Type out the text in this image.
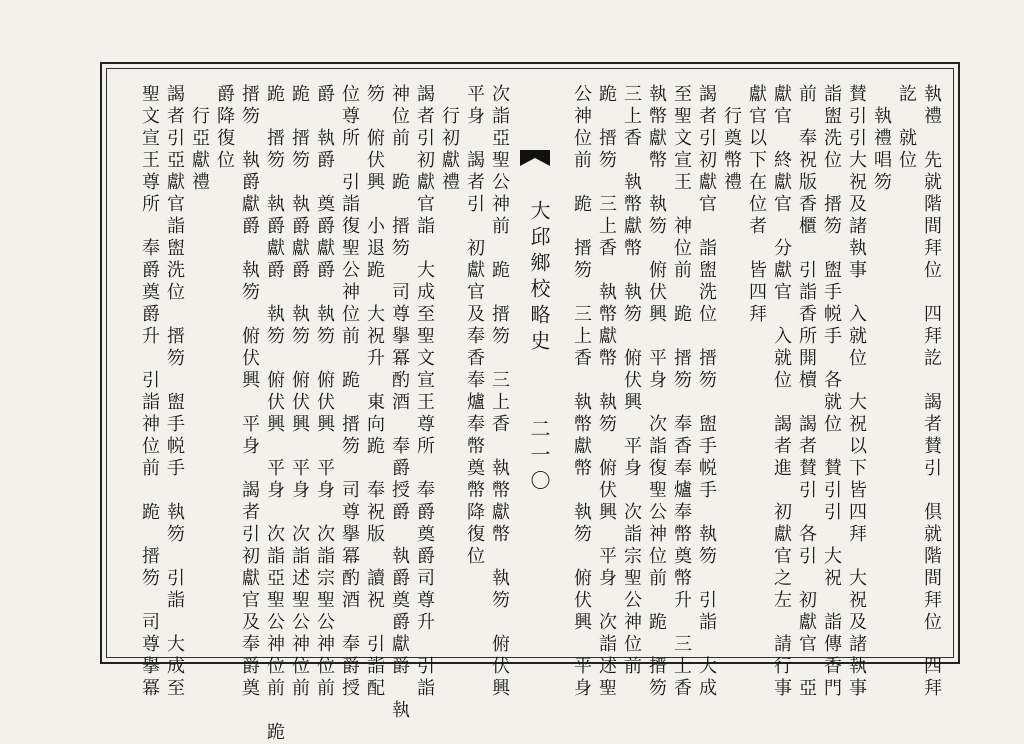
大邱鄉校略史
二一〇	執禮　先就階間拜位　四拜訖　謁者賛引　倶就階間拜位　四拜
訖　就位
執禮唱笏
賛引引大祝及諸執事　入就位　大祝以下皆四拜　大祝及諸執事
詣盥洗位　搢笏　盥手帨手　各就位　賛引引　大祝　詣傳香門
前　奉祝版香櫃　引詣香所開櫝　謁者賛引　各引　初獻官　亞
獻官　終獻官　分獻官　入就位　謁者進　初獻官之左　請行事
獻官以下在位者　皆四拜
行奠幣禮
謁者引初獻官　詣盥洗位　搢笏　盥手帨手　執笏　引詣　大成
至聖文宣王　神位前　跪　搢笏　奉香奉爐奉幣奠幣升　三上香
執幣獻幣　執笏　俯伏興　平身　次詣復聖公神位前　跪　搢笏
三上香　執幣獻幣　執笏　俯伏興　平身　次詣宗聖公神位前
跪　搢笏　三上香　執幣獻幣　執笏　俯伏興　平身　次詣述聖
公神位前　跪　搢笏　三上香　執幣獻幣　執笏　俯伏興　平身
次詣亞聖公神前　跪　搢笏　三上香　執幣獻幣　執笏　俯伏興
平身　謁者引　初獻官及奉香奉爐奉幣奠幣降復位
行初獻禮
謁者引初獻官詣　大成至聖文宣王尊所　奉爵奠爵司尊升　引詣
神位前　跪　搢笏　司尊擧冪酌酒　奉爵授爵　執爵奠爵獻爵　執
笏　俯伏興　小退跪　大祝升　東向跪　奉祝版　讀祝　引詣配
位尊所　引詣復聖公神位前　跪　搢笏　司尊擧冪酌酒　奉爵授
爵　執爵　奠爵獻爵　執笏　俯伏興　平身　次詣宗聖公神位前
跪　搢笏　執爵獻爵　執笏　俯伏興　平身　次詣述聖公神位前
跪　搢笏　執爵獻爵　執笏　俯伏興　平身　次詣亞聖公神位前　跪
搢笏　執爵獻爵　執笏　俯伏興　平身　謁者引初獻官及奉爵奠
爵降復位
行亞獻禮
謁者引亞獻官詣盥洗位　搢笏　盥手帨手　執笏　引詣　大成至
聖文宣王尊所　奉爵奠爵升　引詣神位前　跪　搢笏　司尊擧冪
